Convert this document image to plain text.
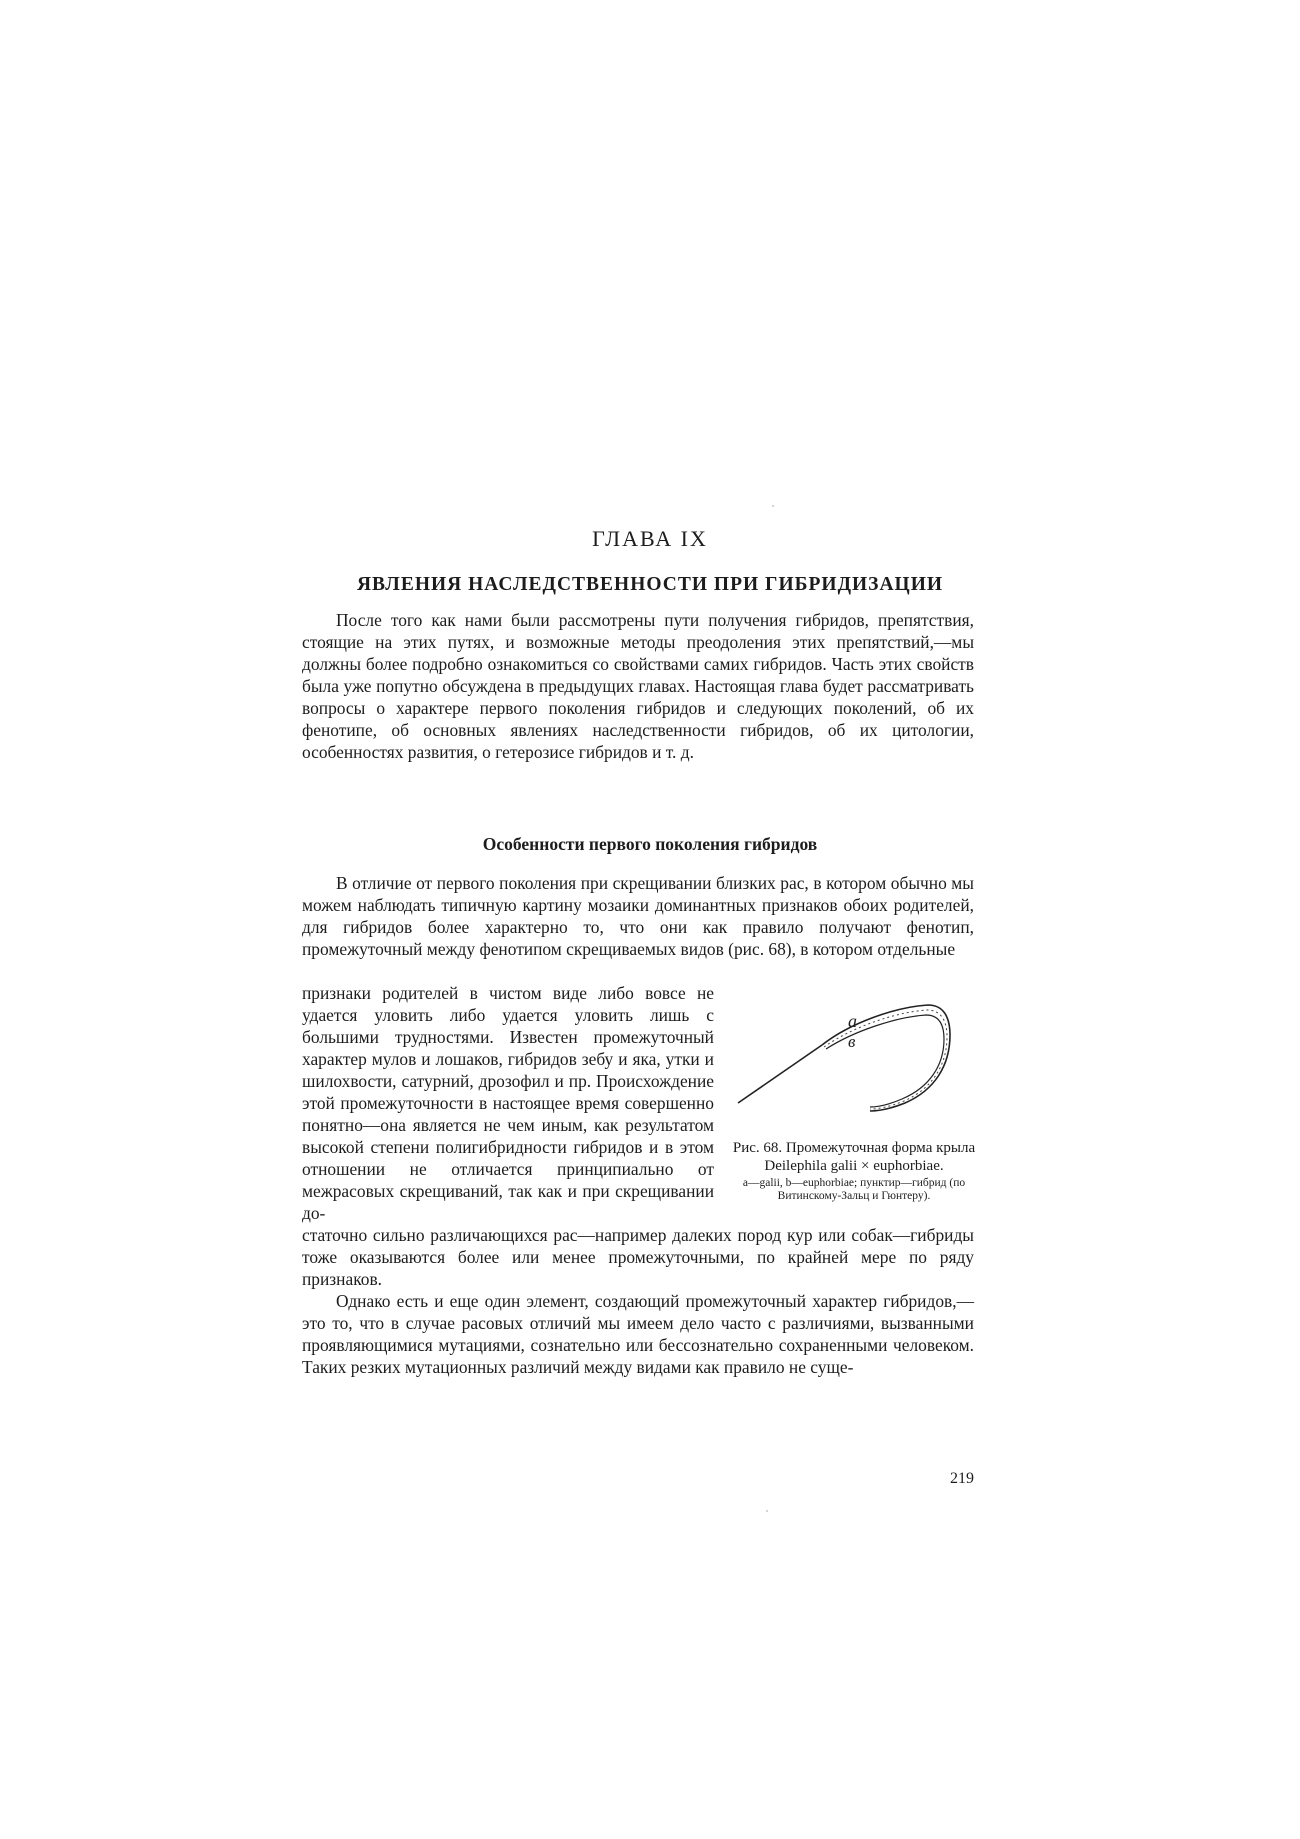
ГЛАВА IX
ЯВЛЕНИЯ НАСЛЕДСТВЕННОСТИ ПРИ ГИБРИДИЗАЦИИ

После того как нами были рассмотрены пути получения гибридов, препятствия, стоящие на этих путях, и возможные методы преодоления этих препятствий,—мы должны более подробно ознакомиться со свойствами самих гибридов. Часть этих свойств была уже попутно обсуждена в предыдущих главах. Настоящая глава будет рассматривать вопросы о характере первого поколения гибридов и следующих поколений, об их фенотипе, об основных явлениях наследственности гибридов, об их цитологии, особенностях развития, о гетерозисе гибридов и т. д.

Особенности первого поколения гибридов

В отличие от первого поколения при скрещивании близких рас, в котором обычно мы можем наблюдать типичную картину мозаики доминантных признаков обоих родителей, для гибридов более характерно то, что они как правило получают фенотип, промежуточный между фенотипом скрещиваемых видов (рис. 68), в котором отдельные

признаки родителей в чистом виде либо вовсе не удается уловить либо удается уловить лишь с большими трудностями. Известен промежуточный характер мулов и лошаков, гибридов зебу и яка, утки и шилохвости, сатурний, дрозофил и пр. Происхождение этой промежуточности в настоящее время совершенно понятно—она является не чем иным, как результатом высокой степени полигибридности гибридов и в этом отношении не отличается принципиально от межрасовых скрещиваний, так как и при скрещивании до-

a
в
Рис. 68. Промежуточная форма крыла Deilephila galii × euphorbiae.
a—galii, b—euphorbiae; пунктир—гибрид (по Витинскому-Зальц и Гюнтеру).

статочно сильно различающихся рас—например далеких пород кур или собак—гибриды тоже оказываются более или менее промежуточными, по крайней мере по ряду признаков.

Однако есть и еще один элемент, создающий промежуточный характер гибридов,—это то, что в случае расовых отличий мы имеем дело часто с различиями, вызванными проявляющимися мутациями, сознательно или бессознательно сохраненными человеком. Таких резких мутационных различий между видами как правило не суще-

219
